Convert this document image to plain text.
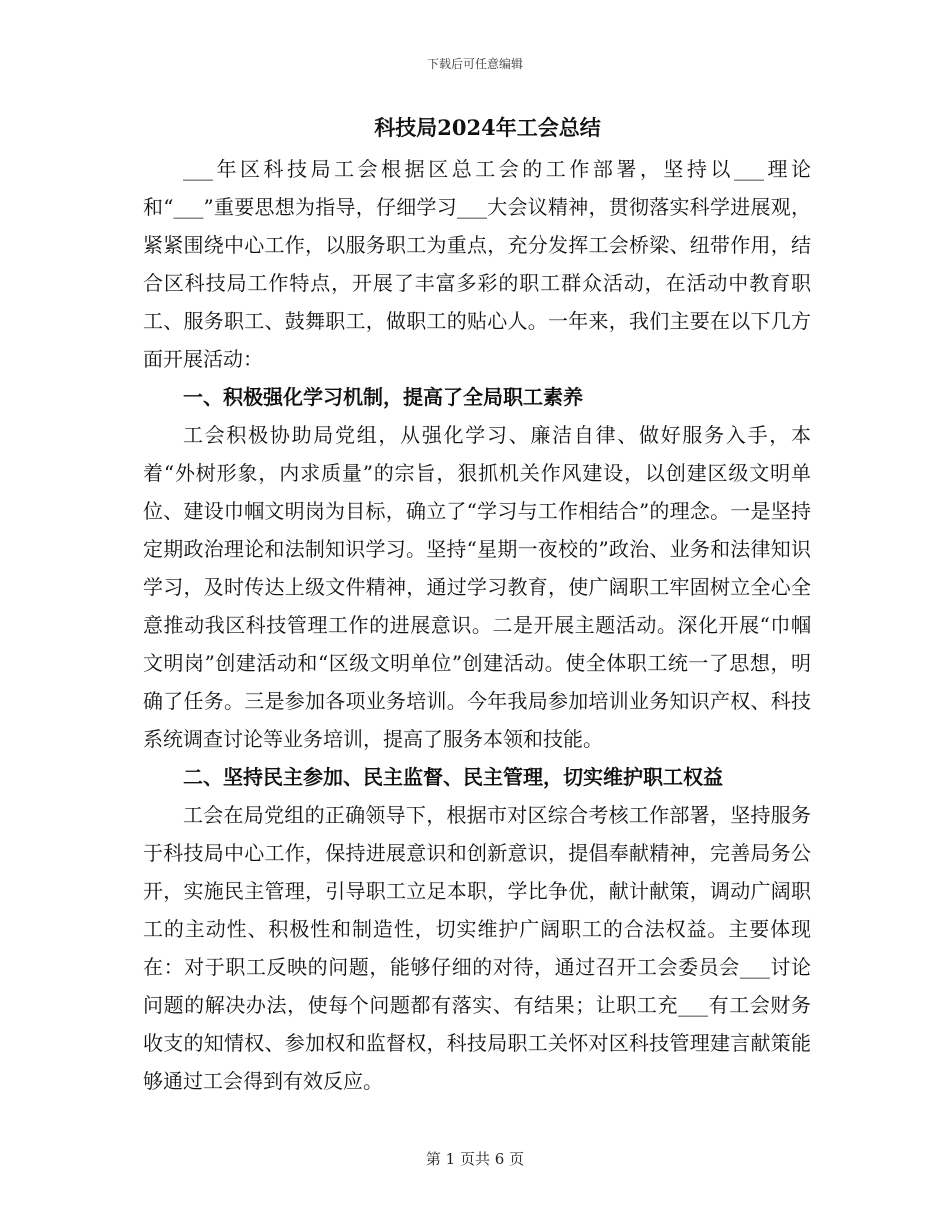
下载后可任意编辑
科技局2024年工会总结

___年区科技局工会根据区总工会的工作部署，坚持以___理论和“___”重要思想为指导，仔细学习___大会议精神，贯彻落实科学进展观，紧紧围绕中心工作，以服务职工为重点，充分发挥工会桥梁、纽带作用，结合区科技局工作特点，开展了丰富多彩的职工群众活动，在活动中教育职工、服务职工、鼓舞职工，做职工的贴心人。一年来，我们主要在以下几方面开展活动：

一、积极强化学习机制，提高了全局职工素养

工会积极协助局党组，从强化学习、廉洁自律、做好服务入手，本着“外树形象，内求质量”的宗旨，狠抓机关作风建设，以创建区级文明单位、建设巾帼文明岗为目标，确立了“学习与工作相结合”的理念。一是坚持定期政治理论和法制知识学习。坚持“星期一夜校的”政治、业务和法律知识学习，及时传达上级文件精神，通过学习教育，使广阔职工牢固树立全心全意推动我区科技管理工作的进展意识。二是开展主题活动。深化开展“巾帼文明岗”创建活动和“区级文明单位”创建活动。使全体职工统一了思想，明确了任务。三是参加各项业务培训。今年我局参加培训业务知识产权、科技系统调查讨论等业务培训，提高了服务本领和技能。

二、坚持民主参加、民主监督、民主管理，切实维护职工权益

工会在局党组的正确领导下，根据市对区综合考核工作部署，坚持服务于科技局中心工作，保持进展意识和创新意识，提倡奉献精神，完善局务公开，实施民主管理，引导职工立足本职，学比争优，献计献策，调动广阔职工的主动性、积极性和制造性，切实维护广阔职工的合法权益。主要体现在：对于职工反映的问题，能够仔细的对待，通过召开工会委员会___讨论问题的解决办法，使每个问题都有落实、有结果；让职工充___有工会财务收支的知情权、参加权和监督权，科技局职工关怀对区科技管理建言献策能够通过工会得到有效反应。

第 1 页共 6 页
